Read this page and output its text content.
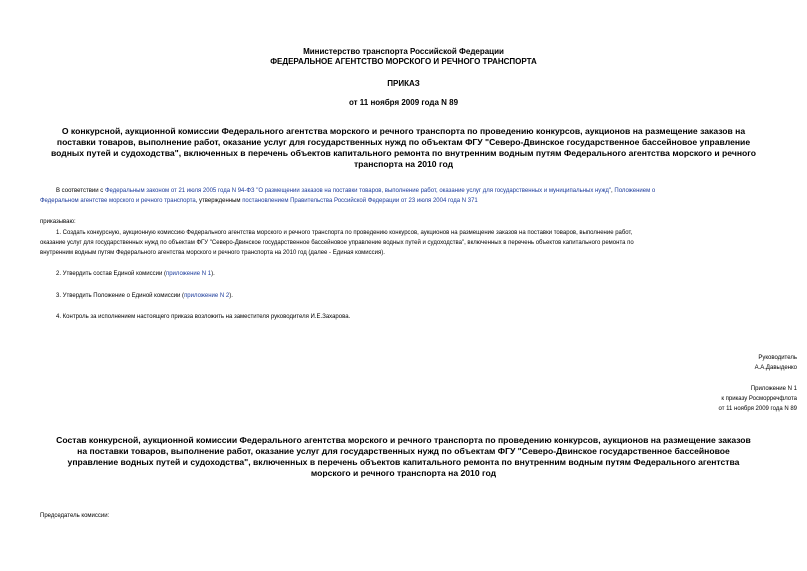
Министерство транспорта Российской Федерации
ФЕДЕРАЛЬНОЕ АГЕНТСТВО МОРСКОГО И РЕЧНОГО ТРАНСПОРТА
ПРИКАЗ
от 11 ноября 2009 года N 89
О конкурсной, аукционной комиссии Федерального агентства морского и речного транспорта по проведению конкурсов, аукционов на размещение заказов на
поставки товаров, выполнение работ, оказание услуг для государственных нужд по объектам ФГУ "Северо-Двинское государственное бассейновое управление
водных путей и судоходства", включенных в перечень объектов капитального ремонта по внутренним водным путям Федерального агентства морского и речного
транспорта на 2010 год
В соответствии с Федеральным законом от 21 июля 2005 года N 94-ФЗ "О размещении заказов на поставки товаров, выполнение работ, оказание услуг для государственных и муниципальных нужд", Положением о
Федеральном агентстве морского и речного транспорта, утвержденным постановлением Правительства Российской Федерации от 23 июля 2004 года N 371
приказываю:
1. Создать конкурсную, аукционную комиссию Федерального агентства морского и речного транспорта по проведению конкурсов, аукционов на размещение заказов на поставки товаров, выполнение работ,
оказание услуг для государственных нужд по объектам ФГУ "Северо-Двинское государственное бассейновое управление водных путей и судоходства", включенных в перечень объектов капитального ремонта по
внутренним водным путям Федерального агентства морского и речного транспорта на 2010 год (далее - Единая комиссия).
2. Утвердить состав Единой комиссии (приложение N 1).
3. Утвердить Положение о Единой комиссии (приложение N 2).
4. Контроль за исполнением настоящего приказа возложить на заместителя руководителя И.Е.Захарова.
Руководитель
А.А.Давыденко
Приложение N 1
к приказу Росморречфлота
от 11 ноября 2009 года N 89
Состав конкурсной, аукционной комиссии Федерального агентства морского и речного транспорта по проведению конкурсов, аукционов на размещение заказов
на поставки товаров, выполнение работ, оказание услуг для государственных нужд по объектам ФГУ "Северо-Двинское государственное бассейновое
управление водных путей и судоходства", включенных в перечень объектов капитального ремонта по внутренним водным путям Федерального агентства
морского и речного транспорта на 2010 год
Председатель комиссии:
